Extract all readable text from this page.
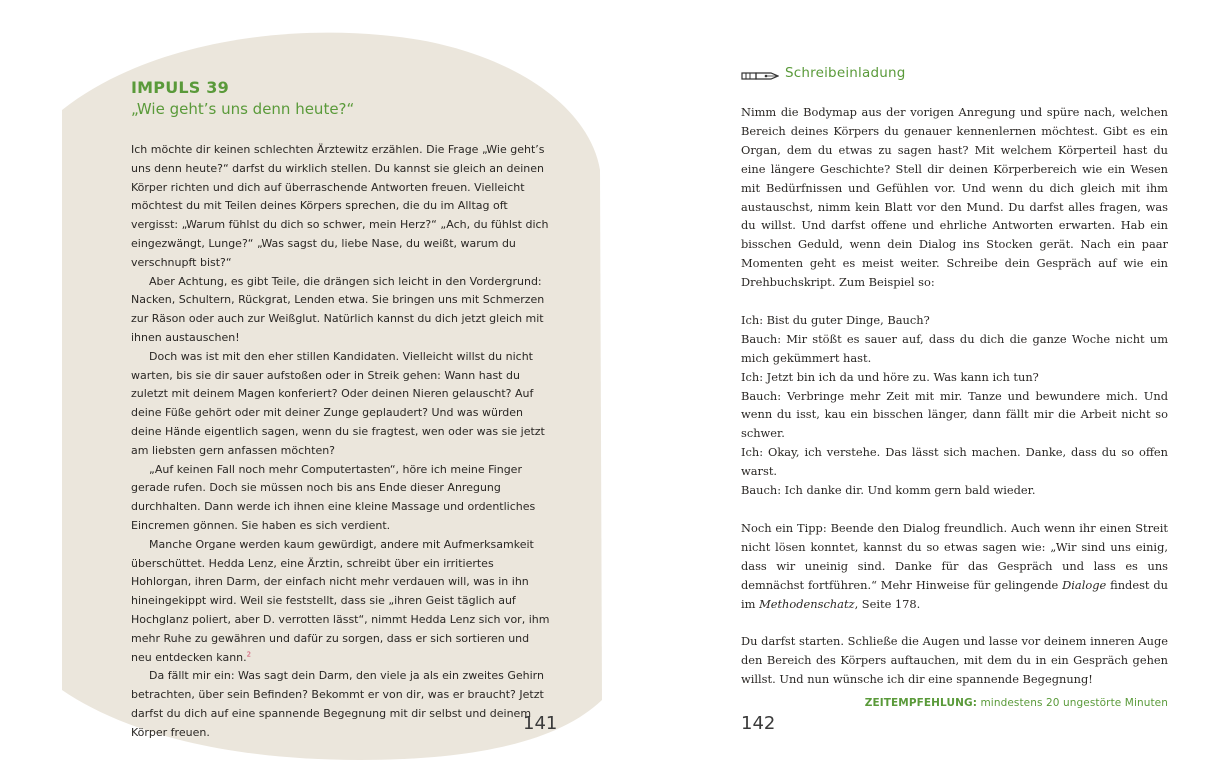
IMPULS 39
„Wie geht’s uns denn heute?“

Ich möchte dir keinen schlechten Ärztewitz erzählen. Die Frage „Wie geht’s uns denn heute?“ darfst du wirklich stellen. Du kannst sie gleich an deinen Körper richten und dich auf überraschende Antworten freuen. Vielleicht möchtest du mit Teilen deines Körpers sprechen, die du im Alltag oft vergisst: „Warum fühlst du dich so schwer, mein Herz?“ „Ach, du fühlst dich eingezwängt, Lunge?“ „Was sagst du, liebe Nase, du weißt, warum du verschnupft bist?“

Aber Achtung, es gibt Teile, die drängen sich leicht in den Vordergrund: Nacken, Schultern, Rückgrat, Lenden etwa. Sie bringen uns mit Schmerzen zur Räson oder auch zur Weißglut. Natürlich kannst du dich jetzt gleich mit ihnen austauschen!

Doch was ist mit den eher stillen Kandidaten. Vielleicht willst du nicht warten, bis sie dir sauer aufstoßen oder in Streik gehen: Wann hast du zuletzt mit deinem Magen konferiert? Oder deinen Nieren gelauscht? Auf deine Füße gehört oder mit deiner Zunge geplaudert? Und was würden deine Hände eigentlich sagen, wenn du sie fragtest, wen oder was sie jetzt am liebsten gern anfassen möchten?

„Auf keinen Fall noch mehr Computertasten“, höre ich meine Finger gerade rufen. Doch sie müssen noch bis ans Ende dieser Anregung durchhalten. Dann werde ich ihnen eine kleine Massage und ordentliches Eincremen gönnen. Sie haben es sich verdient.

Manche Organe werden kaum gewürdigt, andere mit Aufmerksamkeit überschüttet. Hedda Lenz, eine Ärztin, schreibt über ein irritiertes Hohlorgan, ihren Darm, der einfach nicht mehr verdauen will, was in ihn hineingekippt wird. Weil sie feststellt, dass sie „ihren Geist täglich auf Hochglanz poliert, aber D. verrotten lässt“, nimmt Hedda Lenz sich vor, ihm mehr Ruhe zu gewähren und dafür zu sorgen, dass er sich sortieren und neu entdecken kann.$^2$

Da fällt mir ein: Was sagt dein Darm, den viele ja als ein zweites Gehirn betrachten, über sein Befinden? Bekommt er von dir, was er braucht? Jetzt darfst du dich auf eine spannende Begegnung mit dir selbst und deinem Körper freuen.	141
Schreibeinladung

Nimm die Bodymap aus der vorigen Anregung und spüre nach, welchen Bereich deines Körpers du genauer kennenlernen möchtest. Gibt es ein Organ, dem du etwas zu sagen hast? Mit welchem Körperteil hast du eine längere Geschichte? Stell dir deinen Körperbereich wie ein Wesen mit Bedürfnissen und Gefühlen vor. Und wenn du dich gleich mit ihm austauschst, nimm kein Blatt vor den Mund. Du darfst alles fragen, was du willst. Und darfst offene und ehrliche Antworten erwarten. Hab ein bisschen Geduld, wenn dein Dialog ins Stocken gerät. Nach ein paar Momenten geht es meist weiter. Schreibe dein Gespräch auf wie ein Drehbuchskript. Zum Beispiel so:

Ich: Bist du guter Dinge, Bauch?
Bauch: Mir stößt es sauer auf, dass du dich die ganze Woche nicht um mich gekümmert hast.
Ich: Jetzt bin ich da und höre zu. Was kann ich tun?
Bauch: Verbringe mehr Zeit mit mir. Tanze und bewundere mich. Und wenn du isst, kau ein bisschen länger, dann fällt mir die Arbeit nicht so schwer.
Ich: Okay, ich verstehe. Das lässt sich machen. Danke, dass du so offen warst.
Bauch: Ich danke dir. Und komm gern bald wieder.

Noch ein Tipp: Beende den Dialog freundlich. Auch wenn ihr einen Streit nicht lösen konntet, kannst du so etwas sagen wie: „Wir sind uns einig, dass wir uneinig sind. Danke für das Gespräch und lass es uns demnächst fortführen.“ Mehr Hinweise für gelingende Dialoge findest du im Methodenschatz, Seite 178.

Du darfst starten. Schließe die Augen und lasse vor deinem inneren Auge den Bereich des Körpers auftauchen, mit dem du in ein Gespräch gehen willst. Und nun wünsche ich dir eine spannende Begegnung!

ZEITEMPFEHLUNG: mindestens 20 ungestörte Minuten
142
